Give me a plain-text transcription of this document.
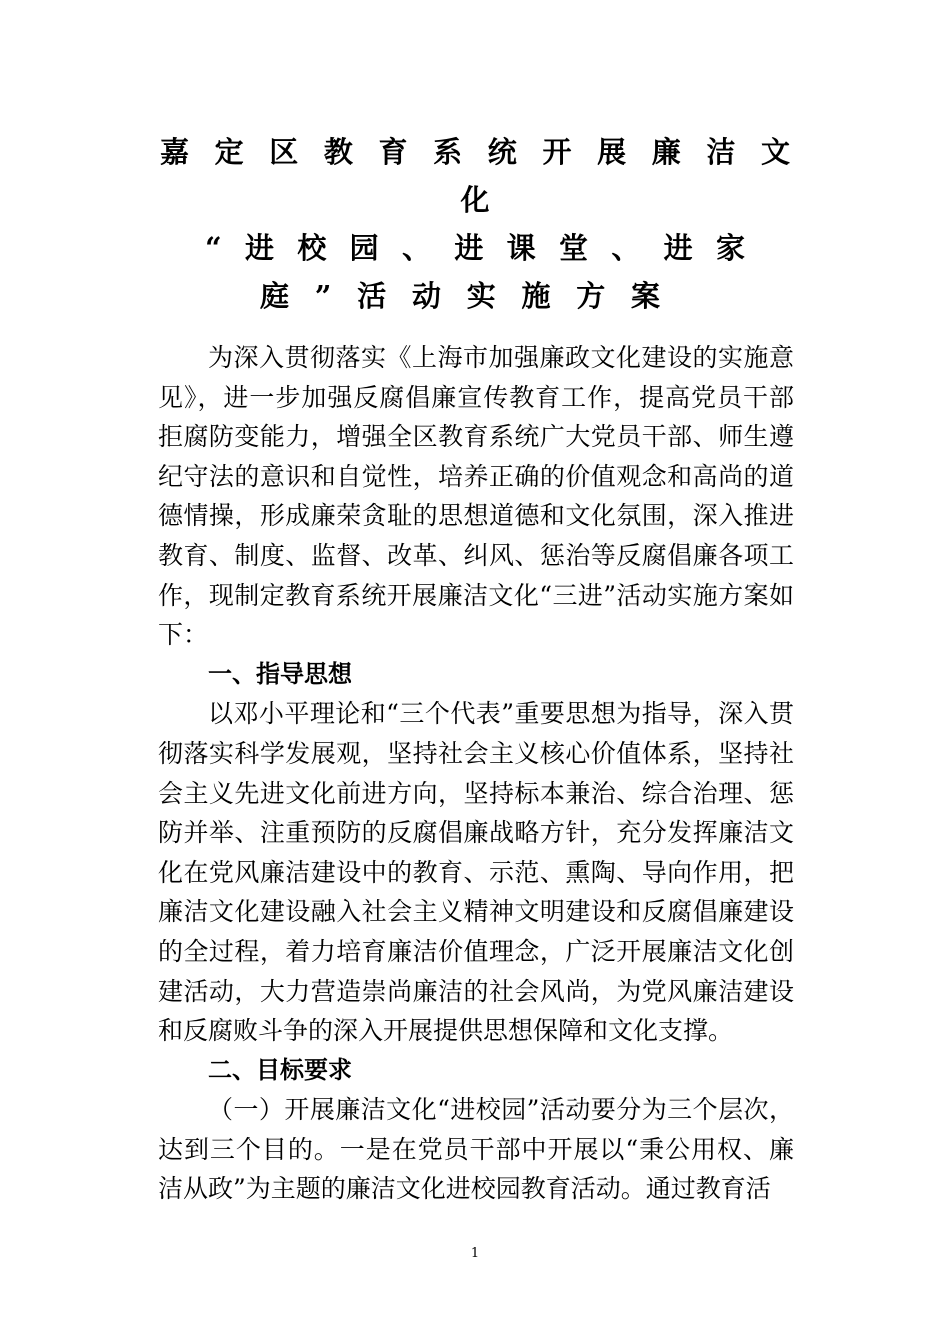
嘉定区教育系统开展廉洁文
化
“进校园、进课堂、进家
庭”活动实施方案

为深入贯彻落实《上海市加强廉政文化建设的实施意见》，进一步加强反腐倡廉宣传教育工作，提高党员干部拒腐防变能力，增强全区教育系统广大党员干部、师生遵纪守法的意识和自觉性，培养正确的价值观念和高尚的道德情操，形成廉荣贪耻的思想道德和文化氛围，深入推进教育、制度、监督、改革、纠风、惩治等反腐倡廉各项工作，现制定教育系统开展廉洁文化“三进”活动实施方案如下：

一、指导思想

以邓小平理论和“三个代表”重要思想为指导，深入贯彻落实科学发展观，坚持社会主义核心价值体系，坚持社会主义先进文化前进方向，坚持标本兼治、综合治理、惩防并举、注重预防的反腐倡廉战略方针，充分发挥廉洁文化在党风廉洁建设中的教育、示范、熏陶、导向作用，把廉洁文化建设融入社会主义精神文明建设和反腐倡廉建设的全过程，着力培育廉洁价值理念，广泛开展廉洁文化创建活动，大力营造崇尚廉洁的社会风尚，为党风廉洁建设和反腐败斗争的深入开展提供思想保障和文化支撑。

二、目标要求

（一）开展廉洁文化“进校园”活动要分为三个层次，达到三个目的。一是在党员干部中开展以“秉公用权、廉洁从政”为主题的廉洁文化进校园教育活动。通过教育活

1
